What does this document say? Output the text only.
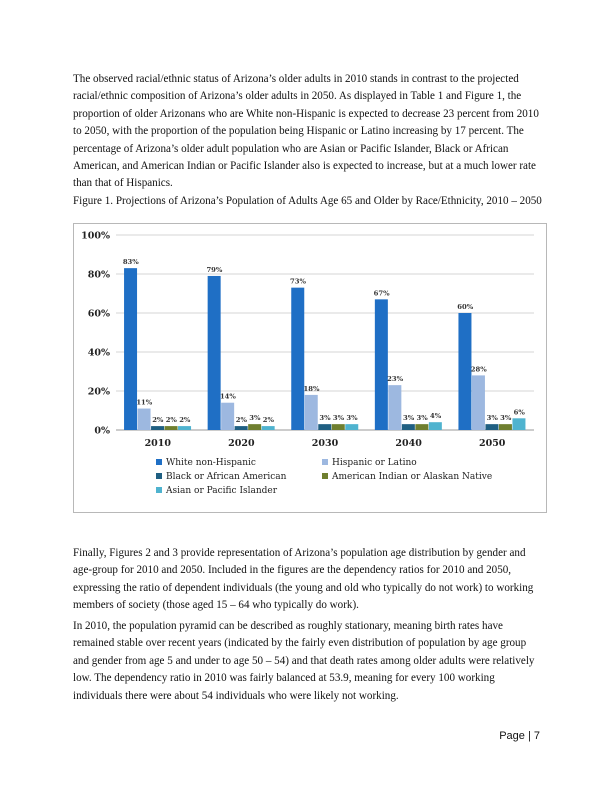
The observed racial/ethnic status of Arizona’s older adults in 2010 stands in contrast to the projected racial/ethnic composition of Arizona’s older adults in 2050. As displayed in Table 1 and Figure 1, the proportion of older Arizonans who are White non-Hispanic is expected to decrease 23 percent from 2010 to 2050, with the proportion of the population being Hispanic or Latino increasing by 17 percent. The percentage of Arizona’s older adult population who are Asian or Pacific Islander, Black or African American, and American Indian or Pacific Islander also is expected to increase, but at a much lower rate than that of Hispanics.

Figure 1. Projections of Arizona’s Population of Adults Age 65 and Older by Race/Ethnicity, 2010 – 2050

0%
20%
40%
60%
80%
100%
83%
11%
2% 2% 2%
2010
79%
14%
2% 3% 2%
2020
73%
18%
3% 3% 3%
2030
67%
23%
3% 3% 4%
2040
60%
28%
3% 3%
6%
2050
White non-Hispanic	Hispanic or Latino
Black or African American	American Indian or Alaskan Native
Asian or Pacific Islander

Finally, Figures 2 and 3 provide representation of Arizona’s population age distribution by gender and age-group for 2010 and 2050. Included in the figures are the dependency ratios for 2010 and 2050, expressing the ratio of dependent individuals (the young and old who typically do not work) to working members of society (those aged 15 – 64 who typically do work).

In 2010, the population pyramid can be described as roughly stationary, meaning birth rates have remained stable over recent years (indicated by the fairly even distribution of population by age group and gender from age 5 and under to age 50 – 54) and that death rates among older adults were relatively low. The dependency ratio in 2010 was fairly balanced at 53.9, meaning for every 100 working individuals there were about 54 individuals who were likely not working.

Page | 7
